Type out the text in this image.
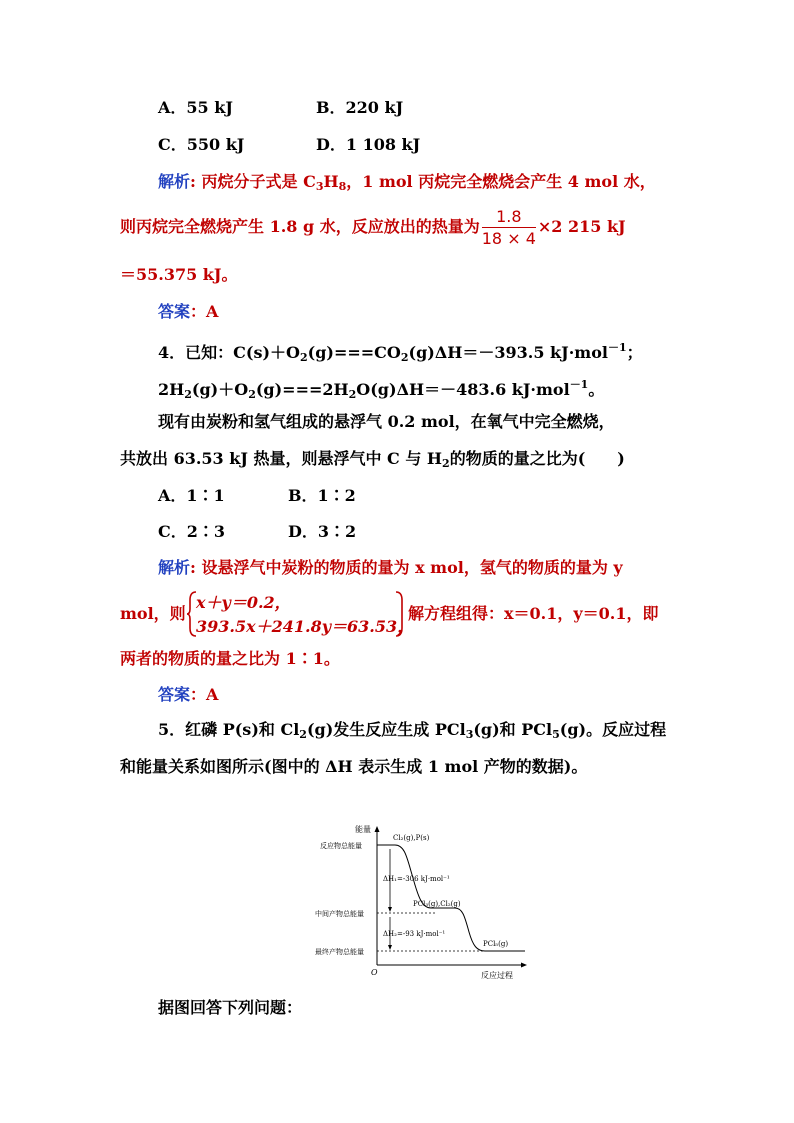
A．55 kJ	B．220 kJ
C．550 kJ	D．1 108 kJ
解析: 丙烷分子式是 $C_3H_8$，1 mol 丙烷完全燃烧会产生 4 mol 水，
则丙烷完全燃烧产生 1.8 g 水，反应放出的热量为 $\frac{1.8}{18 \times 4} \times 2$ 215 kJ
＝55.375 kJ。
答案：A
4．已知：$C(s)+O_2(g)===CO_2(g)\Delta H=-393.5$ kJ·mol$^{-1}$；
$2H_2(g)+O_2(g)===2H_2O(g)\Delta H=-483.6$ kJ·mol$^{-1}$。
现有由炭粉和氢气组成的悬浮气 0.2 mol，在氧气中完全燃烧，
共放出 63.53 kJ 热量，则悬浮气中 C 与 $H_2$的物质的量之比为(　　)
A．1∶1	B．1∶2
C．2∶3	D．3∶2
解析: 设悬浮气中炭粉的物质的量为 x mol，氢气的物质的量为 y
mol，则
x＋y＝0.2，
393.5x＋241.8y＝63.53，
解方程组得：x＝0.1，y＝0.1，即
两者的物质的量之比为 1∶1。
答案：A
5．红磷 P(s)和 $Cl_2(g)$发生反应生成 PCl$_3$(g)和 PCl$_5$(g)。反应过程
和能量关系如图所示(图中的 ΔH 表示生成 1 mol 产物的数据)。
能量
反应过程
O
反应物总能量
中间产物总能量
最终产物总能量
Cl₂(g),P(s)
PCl₃(g),Cl₂(g)
PCl₅(g)
ΔH₁=-306 kJ·mol⁻¹
ΔH₂=-93 kJ·mol⁻¹
据图回答下列问题：
